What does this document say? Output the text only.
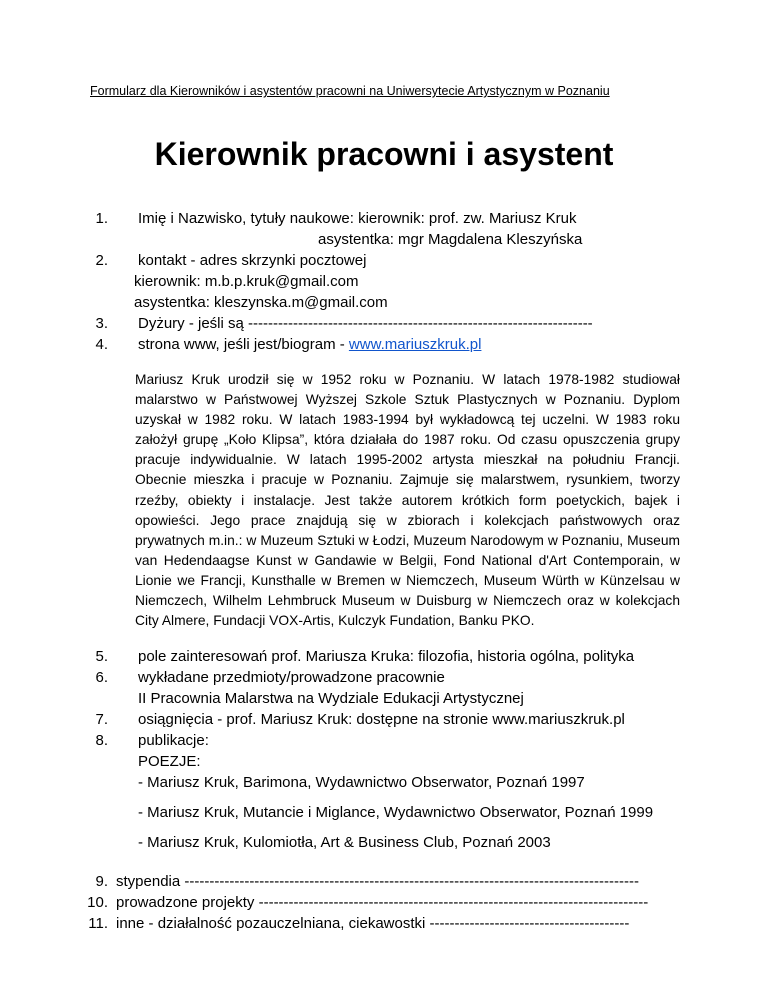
Formularz dla Kierowników i asystentów pracowni na Uniwersytecie Artystycznym w Poznaniu
Kierownik pracowni i asystent
1. Imię i Nazwisko, tytuły naukowe: kierownik: prof. zw. Mariusz Kruk
asystentka: mgr Magdalena Kleszyńska
2. kontakt - adres skrzynki pocztowej
kierownik: m.b.p.kruk@gmail.com
asystentka: kleszynska.m@gmail.com
3. Dyżury - jeśli są ---------------------------------------------------------------------
4. strona www, jeśli jest/biogram - www.mariuszkruk.pl
Mariusz Kruk urodził się w 1952 roku w Poznaniu. W latach 1978-1982 studiował malarstwo w Państwowej Wyższej Szkole Sztuk Plastycznych w Poznaniu. Dyplom uzyskał w 1982 roku. W latach 1983-1994 był wykładowcą tej uczelni. W 1983 roku założył grupę „Koło Klipsa”, która działała do 1987 roku. Od czasu opuszczenia grupy pracuje indywidualnie. W latach 1995-2002 artysta mieszkał na południu Francji. Obecnie mieszka i pracuje w Poznaniu. Zajmuje się malarstwem, rysunkiem, tworzy rzeźby, obiekty i instalacje. Jest także autorem krótkich form poetyckich, bajek i opowieści. Jego prace znajdują się w zbiorach i kolekcjach państwowych oraz prywatnych m.in.: w Muzeum Sztuki w Łodzi, Muzeum Narodowym w Poznaniu, Museum van Hedendaagse Kunst w Gandawie w Belgii, Fond National d'Art Contemporain, w Lionie we Francji, Kunsthalle w Bremen w Niemczech, Museum Würth w Künzelsau w Niemczech, Wilhelm Lehmbruck Museum w Duisburg w Niemczech oraz w kolekcjach City Almere, Fundacji VOX-Artis, Kulczyk Fundation, Banku PKO.
5. pole zainteresowań prof. Mariusza Kruka: filozofia, historia ogólna, polityka
6. wykładane przedmioty/prowadzone pracownie
II Pracownia Malarstwa na Wydziale Edukacji Artystycznej
7. osiągnięcia - prof. Mariusz Kruk: dostępne na stronie www.mariuszkruk.pl
8. publikacje:
POEZJE:
- Mariusz Kruk, Barimona, Wydawnictwo Obserwator, Poznań 1997
- Mariusz Kruk, Mutancie i Miglance, Wydawnictwo Obserwator, Poznań 1999
- Mariusz Kruk, Kulomiotła, Art & Business Club, Poznań 2003
9. stypendia -------------------------------------------------------------------------------------------
10. prowadzone projekty ------------------------------------------------------------------------------
11. inne - działalność pozauczelniana, ciekawostki ----------------------------------------
